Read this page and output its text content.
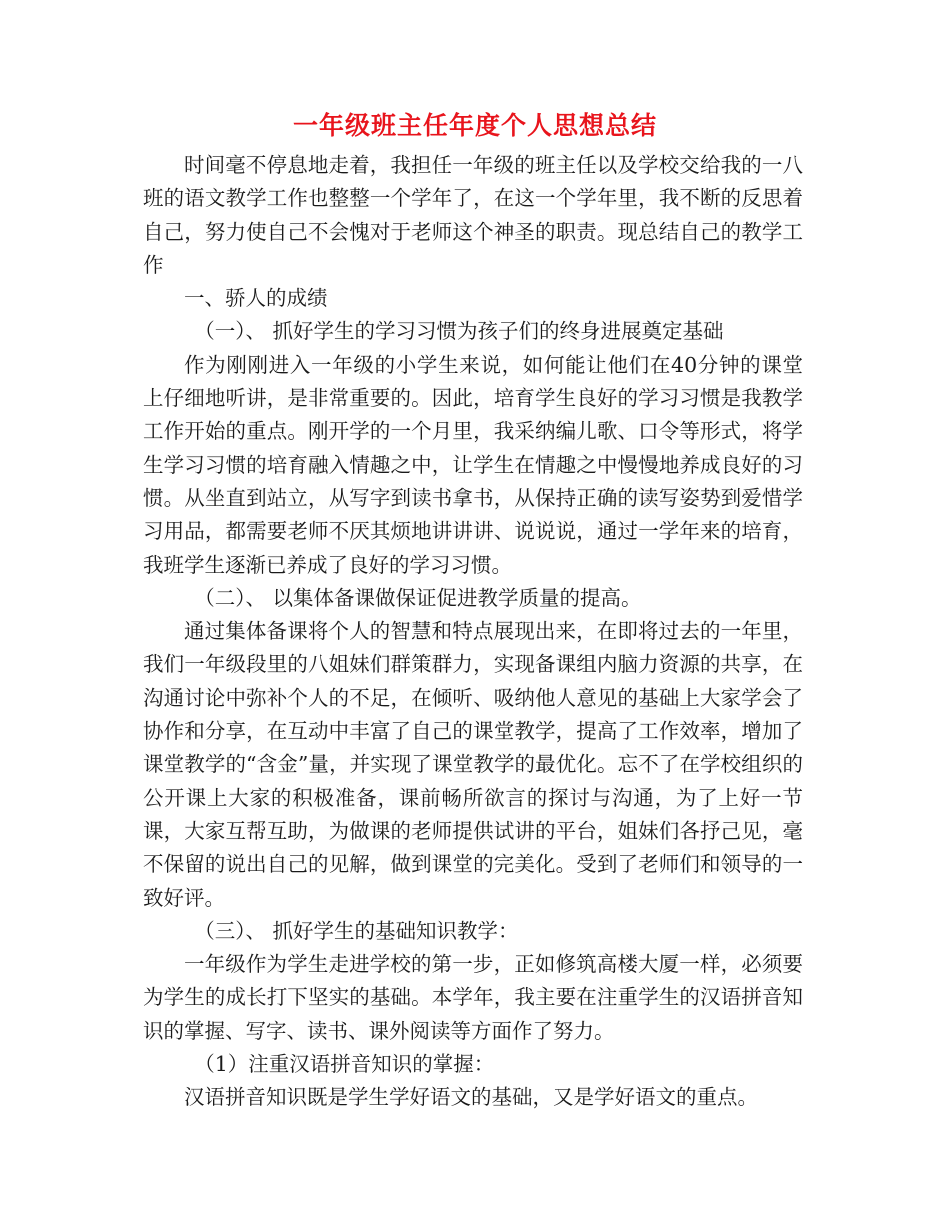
一年级班主任年度个人思想总结

时间毫不停息地走着，我担任一年级的班主任以及学校交给我的一八班的语文教学工作也整整一个学年了，在这一个学年里，我不断的反思着自己，努力使自己不会愧对于老师这个神圣的职责。现总结自己的教学工作

一、骄人的成绩

（一）、 抓好学生的学习习惯为孩子们的终身进展奠定基础

作为刚刚进入一年级的小学生来说，如何能让他们在40分钟的课堂上仔细地听讲，是非常重要的。因此，培育学生良好的学习习惯是我教学工作开始的重点。刚开学的一个月里，我采纳编儿歌、口令等形式，将学生学习习惯的培育融入情趣之中，让学生在情趣之中慢慢地养成良好的习惯。从坐直到站立，从写字到读书拿书，从保持正确的读写姿势到爱惜学习用品，都需要老师不厌其烦地讲讲讲、说说说，通过一学年来的培育，我班学生逐渐已养成了良好的学习习惯。

（二）、 以集体备课做保证促进教学质量的提高。

通过集体备课将个人的智慧和特点展现出来，在即将过去的一年里，我们一年级段里的八姐妹们群策群力，实现备课组内脑力资源的共享，在沟通讨论中弥补个人的不足，在倾听、吸纳他人意见的基础上大家学会了协作和分享，在互动中丰富了自己的课堂教学，提高了工作效率，增加了课堂教学的“含金”量，并实现了课堂教学的最优化。忘不了在学校组织的公开课上大家的积极准备，课前畅所欲言的探讨与沟通，为了上好一节课，大家互帮互助，为做课的老师提供试讲的平台，姐妹们各抒己见，毫不保留的说出自己的见解，做到课堂的完美化。受到了老师们和领导的一致好评。

（三）、 抓好学生的基础知识教学：

一年级作为学生走进学校的第一步，正如修筑高楼大厦一样，必须要为学生的成长打下坚实的基础。本学年，我主要在注重学生的汉语拼音知识的掌握、写字、读书、课外阅读等方面作了努力。

（1）注重汉语拼音知识的掌握：

汉语拼音知识既是学生学好语文的基础，又是学好语文的重点。
